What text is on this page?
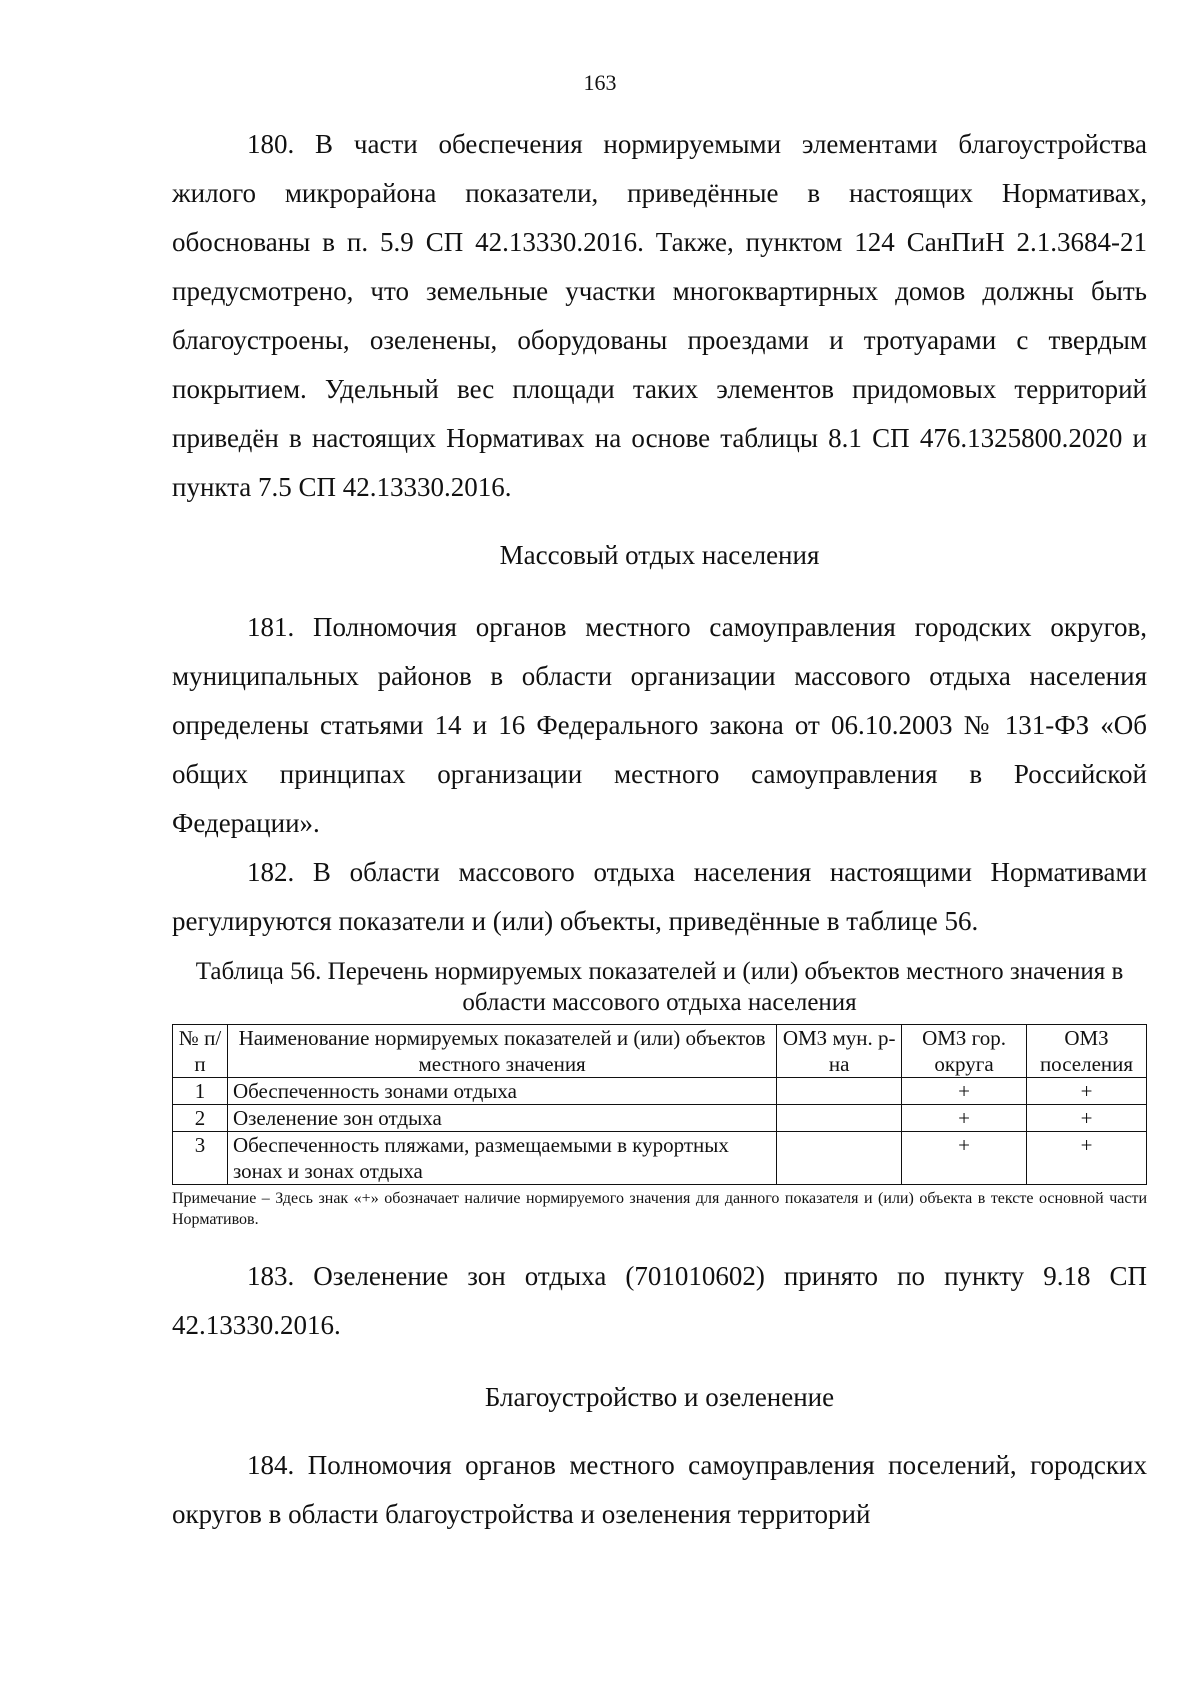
163

180. В части обеспечения нормируемыми элементами благоустройства жилого микрорайона показатели, приведённые в настоящих Нормативах, обоснованы в п. 5.9 СП 42.13330.2016. Также, пунктом 124 СанПиН 2.1.3684-21 предусмотрено, что земельные участки многоквартирных домов должны быть благоустроены, озеленены, оборудованы проездами и тротуарами с твердым покрытием. Удельный вес площади таких элементов придомовых территорий приведён в настоящих Нормативах на основе таблицы 8.1 СП 476.1325800.2020 и пункта 7.5 СП 42.13330.2016.

Массовый отдых населения

181. Полномочия органов местного самоуправления городских округов, муниципальных районов в области организации массового отдыха населения определены статьями 14 и 16 Федерального закона от 06.10.2003 № 131-ФЗ «Об общих принципах организации местного самоуправления в Российской Федерации».

182. В области массового отдыха населения настоящими Нормативами регулируются показатели и (или) объекты, приведённые в таблице 56.

Таблица 56. Перечень нормируемых показателей и (или) объектов местного значения в области массового отдыха населения

№ п/п	Наименование нормируемых показателей и (или) объектов местного значения	ОМЗ мун. р-на	ОМЗ гор. округа	ОМЗ поселения
1	Обеспеченность зонами отдыха		+	+
2	Озеленение зон отдыха		+	+
3	Обеспеченность пляжами, размещаемыми в курортных зонах и зонах отдыха		+	+

Примечание – Здесь знак «+» обозначает наличие нормируемого значения для данного показателя и (или) объекта в тексте основной части Нормативов.

183. Озеленение зон отдыха (701010602) принято по пункту 9.18 СП 42.13330.2016.

Благоустройство и озеленение

184. Полномочия органов местного самоуправления поселений, городских округов в области благоустройства и озеленения территорий
